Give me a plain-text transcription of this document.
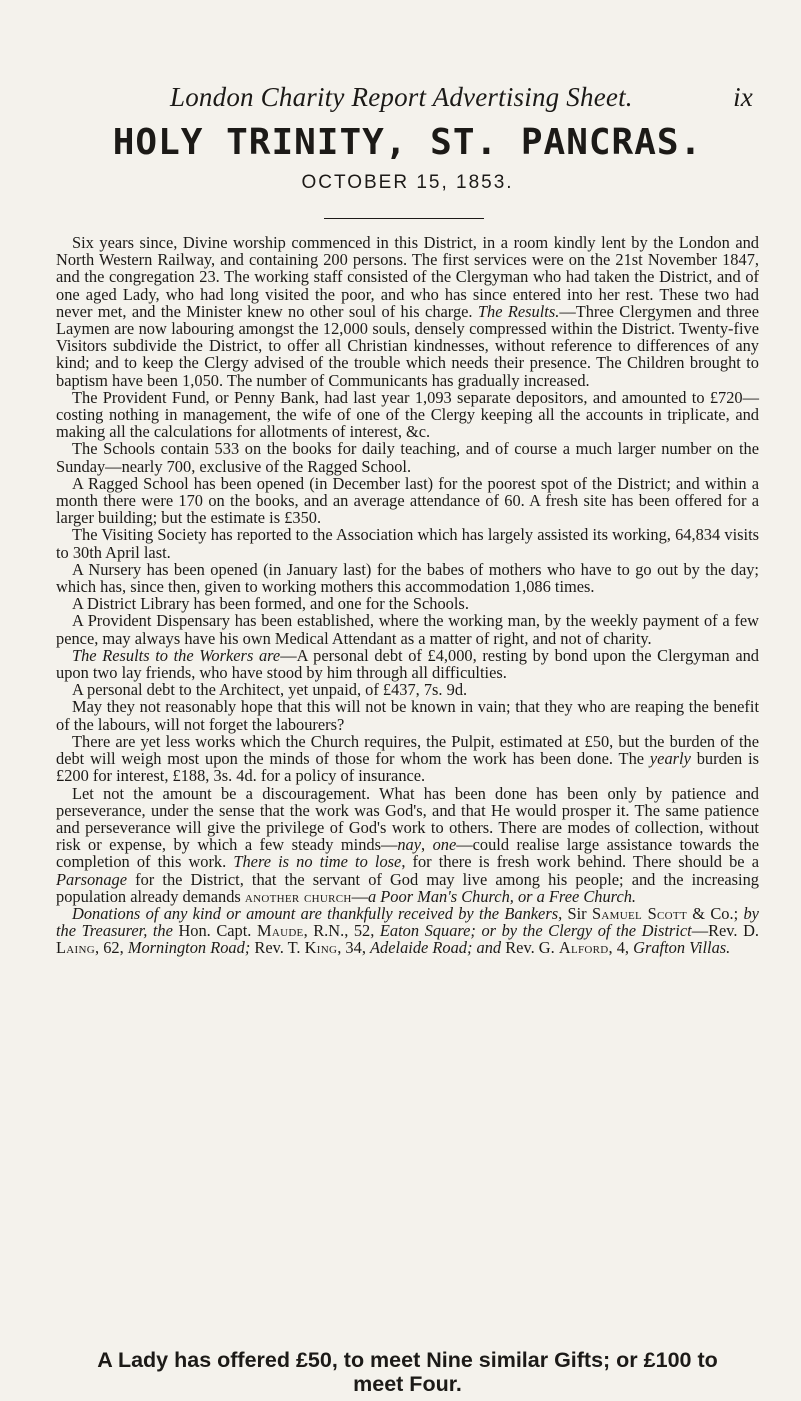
London Charity Report Advertising Sheet.	ix
HOLY TRINITY, ST. PANCRAS.
OCTOBER 15, 1853.

Six years since, Divine worship commenced in this District, in a room kindly lent by the London and North Western Railway, and containing 200 persons. The first services were on the 21st November 1847, and the congregation 23. The working staff consisted of the Clergyman who had taken the District, and of one aged Lady, who had long visited the poor, and who has since entered into her rest. These two had never met, and the Minister knew no other soul of his charge. The Results.—Three Clergymen and three Laymen are now labouring amongst the 12,000 souls, densely compressed within the District. Twenty-five Visitors subdivide the District, to offer all Christian kindnesses, without reference to differences of any kind; and to keep the Clergy advised of the trouble which needs their presence. The Children brought to baptism have been 1,050. The number of Communicants has gradually increased.

The Provident Fund, or Penny Bank, had last year 1,093 separate depositors, and amounted to £720—costing nothing in management, the wife of one of the Clergy keeping all the accounts in triplicate, and making all the calculations for allotments of interest, &c.

The Schools contain 533 on the books for daily teaching, and of course a much larger number on the Sunday—nearly 700, exclusive of the Ragged School.

A Ragged School has been opened (in December last) for the poorest spot of the District; and within a month there were 170 on the books, and an average attendance of 60. A fresh site has been offered for a larger building; but the estimate is £350.

The Visiting Society has reported to the Association which has largely assisted its working, 64,834 visits to 30th April last.

A Nursery has been opened (in January last) for the babes of mothers who have to go out by the day; which has, since then, given to working mothers this accommodation 1,086 times.

A District Library has been formed, and one for the Schools.

A Provident Dispensary has been established, where the working man, by the weekly payment of a few pence, may always have his own Medical Attendant as a matter of right, and not of charity.

The Results to the Workers are—A personal debt of £4,000, resting by bond upon the Clergyman and upon two lay friends, who have stood by him through all difficulties.

A personal debt to the Architect, yet unpaid, of £437, 7s. 9d.

May they not reasonably hope that this will not be known in vain; that they who are reaping the benefit of the labours, will not forget the labourers?

There are yet less works which the Church requires, the Pulpit, estimated at £50, but the burden of the debt will weigh most upon the minds of those for whom the work has been done. The yearly burden is £200 for interest, £188, 3s. 4d. for a policy of insurance.

Let not the amount be a discouragement. What has been done has been only by patience and perseverance, under the sense that the work was God's, and that He would prosper it. The same patience and perseverance will give the privilege of God's work to others. There are modes of collection, without risk or expense, by which a few steady minds—nay, one—could realise large assistance towards the completion of this work. There is no time to lose, for there is fresh work behind. There should be a Parsonage for the District, that the servant of God may live among his people; and the increasing population already demands another church—a Poor Man's Church, or a Free Church.

Donations of any kind or amount are thankfully received by the Bankers, Sir Samuel Scott & Co.; by the Treasurer, the Hon. Capt. Maude, R.N., 52, Eaton Square; or by the Clergy of the District—Rev. D. Laing, 62, Mornington Road; Rev. T. King, 34, Adelaide Road; and Rev. G. Alford, 4, Grafton Villas.

A Lady has offered £50, to meet Nine similar Gifts; or £100 to
meet Four.
